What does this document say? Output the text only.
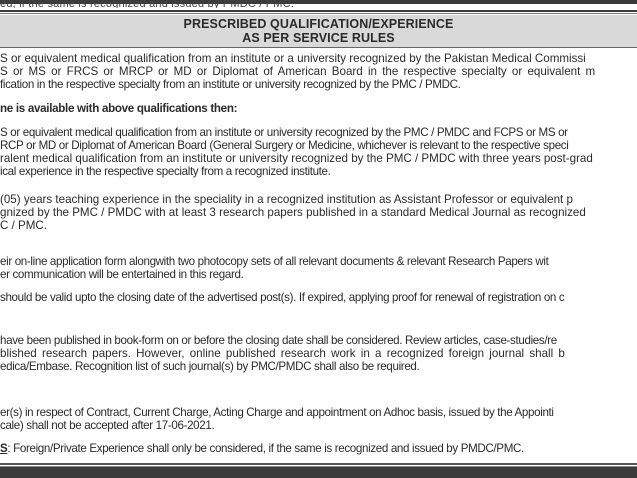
ed, if the same is recognized and issued by PMDC / PMC.
PRESCRIBED QUALIFICATION/EXPERIENCE
AS PER SERVICE RULES
S or equivalent medical qualification from an institute or a university recognized by the Pakistan Medical Commissi
S or MS or FRCS or MRCP or MD or Diplomat of American Board in the respective specialty or equivalent m
fication in the respective specialty from an institute or university recognized by the PMC / PMDC.
ne is available with above qualifications then:
S or equivalent medical qualification from an institute or university recognized by the PMC / PMDC and FCPS or MS or
RCP or MD or Diplomat of American Board (General Surgery or Medicine, whichever is relevant to the respective speci
ralent medical qualification from an institute or university recognized by the PMC / PMDC with three years post-grad
ical experience in the respective specialty from a recognized institute.
(05) years teaching experience in the speciality in a recognized institution as Assistant Professor or equivalent p
gnized by the PMC / PMDC with at least 3 research papers published in a standard Medical Journal as recognized
C / PMC.
eir on-line application form alongwith two photocopy sets of all relevant documents & relevant Research Papers wit
er communication will be entertained in this regard.
should be valid upto the closing date of the advertised post(s). If expired, applying proof for renewal of registration on c
have been published in book-form on or before the closing date shall be considered. Review articles, case-studies/re
blished research papers. However, online published research work in a recognized foreign journal shall b
edica/Embase. Recognition list of such journal(s) by PMC/PMDC shall also be required.
er(s) in respect of Contract, Current Charge, Acting Charge and appointment on Adhoc basis, issued by the Appointi
cale) shall not be accepted after 17-06-2021.
S: Foreign/Private Experience shall only be considered, if the same is recognized and issued by PMDC/PMC.
